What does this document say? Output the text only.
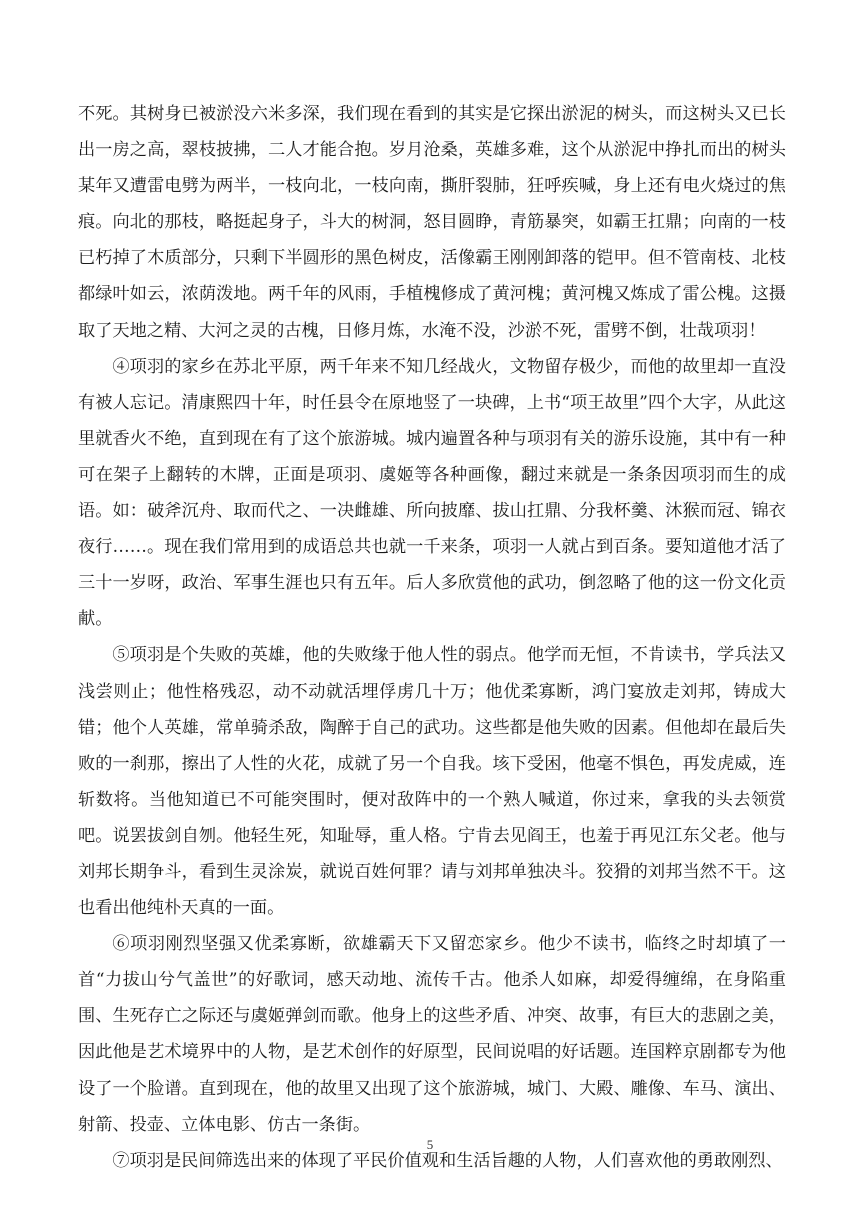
不死。其树身已被淤没六米多深，我们现在看到的其实是它探出淤泥的树头，而这树头又已长出一房之高，翠枝披拂，二人才能合抱。岁月沧桑，英雄多难，这个从淤泥中挣扎而出的树头某年又遭雷电劈为两半，一枝向北，一枝向南，撕肝裂肺，狂呼疾喊，身上还有电火烧过的焦痕。向北的那枝，略挺起身子，斗大的树洞，怒目圆睁，青筋暴突，如霸王扛鼎；向南的一枝已朽掉了木质部分，只剩下半圆形的黑色树皮，活像霸王刚刚卸落的铠甲。但不管南枝、北枝都绿叶如云，浓荫泼地。两千年的风雨，手植槐修成了黄河槐；黄河槐又炼成了雷公槐。这摄取了天地之精、大河之灵的古槐，日修月炼，水淹不没，沙淤不死，雷劈不倒，壮哉项羽！

④项羽的家乡在苏北平原，两千年来不知几经战火，文物留存极少，而他的故里却一直没有被人忘记。清康熙四十年，时任县令在原地竖了一块碑，上书“项王故里”四个大字，从此这里就香火不绝，直到现在有了这个旅游城。城内遍置各种与项羽有关的游乐设施，其中有一种可在架子上翻转的木牌，正面是项羽、虞姬等各种画像，翻过来就是一条条因项羽而生的成语。如：破斧沉舟、取而代之、一决雌雄、所向披靡、拔山扛鼎、分我杯羹、沐猴而冠、锦衣夜行……。现在我们常用到的成语总共也就一千来条，项羽一人就占到百条。要知道他才活了三十一岁呀，政治、军事生涯也只有五年。后人多欣赏他的武功，倒忽略了他的这一份文化贡献。

⑤项羽是个失败的英雄，他的失败缘于他人性的弱点。他学而无恒，不肯读书，学兵法又浅尝则止；他性格残忍，动不动就活埋俘虏几十万；他优柔寡断，鸿门宴放走刘邦，铸成大错；他个人英雄，常单骑杀敌，陶醉于自己的武功。这些都是他失败的因素。但他却在最后失败的一刹那，擦出了人性的火花，成就了另一个自我。垓下受困，他毫不惧色，再发虎威，连斩数将。当他知道已不可能突围时，便对敌阵中的一个熟人喊道，你过来，拿我的头去领赏吧。说罢拔剑自刎。他轻生死，知耻辱，重人格。宁肯去见阎王，也羞于再见江东父老。他与刘邦长期争斗，看到生灵涂炭，就说百姓何罪？请与刘邦单独决斗。狡猾的刘邦当然不干。这也看出他纯朴天真的一面。

⑥项羽刚烈坚强又优柔寡断，欲雄霸天下又留恋家乡。他少不读书，临终之时却填了一首“力拔山兮气盖世”的好歌词，感天动地、流传千古。他杀人如麻，却爱得缠绵，在身陷重围、生死存亡之际还与虞姬弹剑而歌。他身上的这些矛盾、冲突、故事，有巨大的悲剧之美，因此他是艺术境界中的人物，是艺术创作的好原型，民间说唱的好话题。连国粹京剧都专为他设了一个脸谱。直到现在，他的故里又出现了这个旅游城，城门、大殿、雕像、车马、演出、射箭、投壶、立体电影、仿古一条街。

⑦项羽是民间筛选出来的体现了平民价值观和生活旨趣的人物，人们喜欢他的勇敢刚烈、

5
